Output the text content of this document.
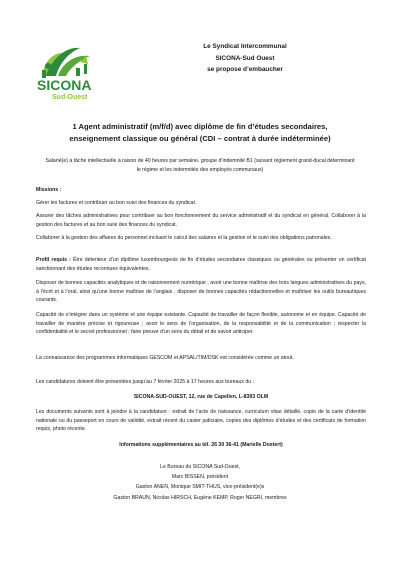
SICONA
Sud-Ouest
Le Syndicat Intercommunal
SICONA-Sud Ouest
se propose d’embaucher
1 Agent administratif (m/f/d) avec diplôme de fin d’études secondaires,
enseignement classique ou général (CDI – contrat à durée indéterminée)
Salarié(e) à tâche intellectuelle à raison de 40 heures par semaine, groupe d’indemnité B1 (suivant règlement grand-ducal déterminant le régime et les indemnités des employés communaux)
Missions :
Gérer les factures et contribuer au bon suivi des finances du syndicat.
Assurer des tâches administratives pour contribuer au bon fonctionnement du service administratif et du syndicat en général. Collaborer à la gestion des factures et au bon suivi des finances du syndicat.
Collaborer à la gestion des affaires du personnel incluant le calcul des salaires et la gestion et le suivi des obligations patronales.
Profil requis : Être détenteur d’un diplôme luxembourgeois de fin d’études secondaires classiques ou générales ou présenter un certificat sanctionnant des études reconnues équivalentes.
Disposer de bonnes capacités analytiques et de raisonnement numérique ; avoir une bonne maîtrise des trois langues administratives du pays, à l’écrit et à l’oral, ainsi qu’une bonne maîtrise de l’anglais ; disposer de bonnes capacités rédactionnelles et maîtriser les outils bureautiques courants.
Capacité de s’intégrer dans un système et une équipe existante. Capacité de travailler de façon flexible, autonome et en équipe. Capacité de travailler de manière précise et rigoureuse ; avoir le sens de l’organisation, de la responsabilité et de la communication ; respecter la confidentialité et le secret professionnel ; faire preuve d’un sens du détail et de savoir anticiper.
La connaissance des programmes informatiques GESCOM et APSAL/TIM/DSK est considérée comme un atout.
Les candidatures doivent être présentées jusqu’au 7 février 2025 à 17 heures aux bureaux du :
SICONA-SUD-OUEST, 12, rue de Capellen, L-8393 OLM
Les documents suivants sont à joindre à la candidature : extrait de l’acte de naissance, curriculum vitae détaillé, copie de la carte d’identité nationale ou du passeport en cours de validité, extrait récent du casier judiciaire, copies des diplômes d’études et des certificats de formation requis, photo récente.
Informations supplémentaires au tél. 26 30 36-41 (Marielle Dostert)
Le Bureau du SICONA Sud-Ouest,
Marc BISSEN, président
Gaston ANEN, Monique SMIT-THUS, vice-président(e)s
Gaston BRAUN, Nicolas HIRSCH, Eugène KEMP, Roger NEGRI, membres
